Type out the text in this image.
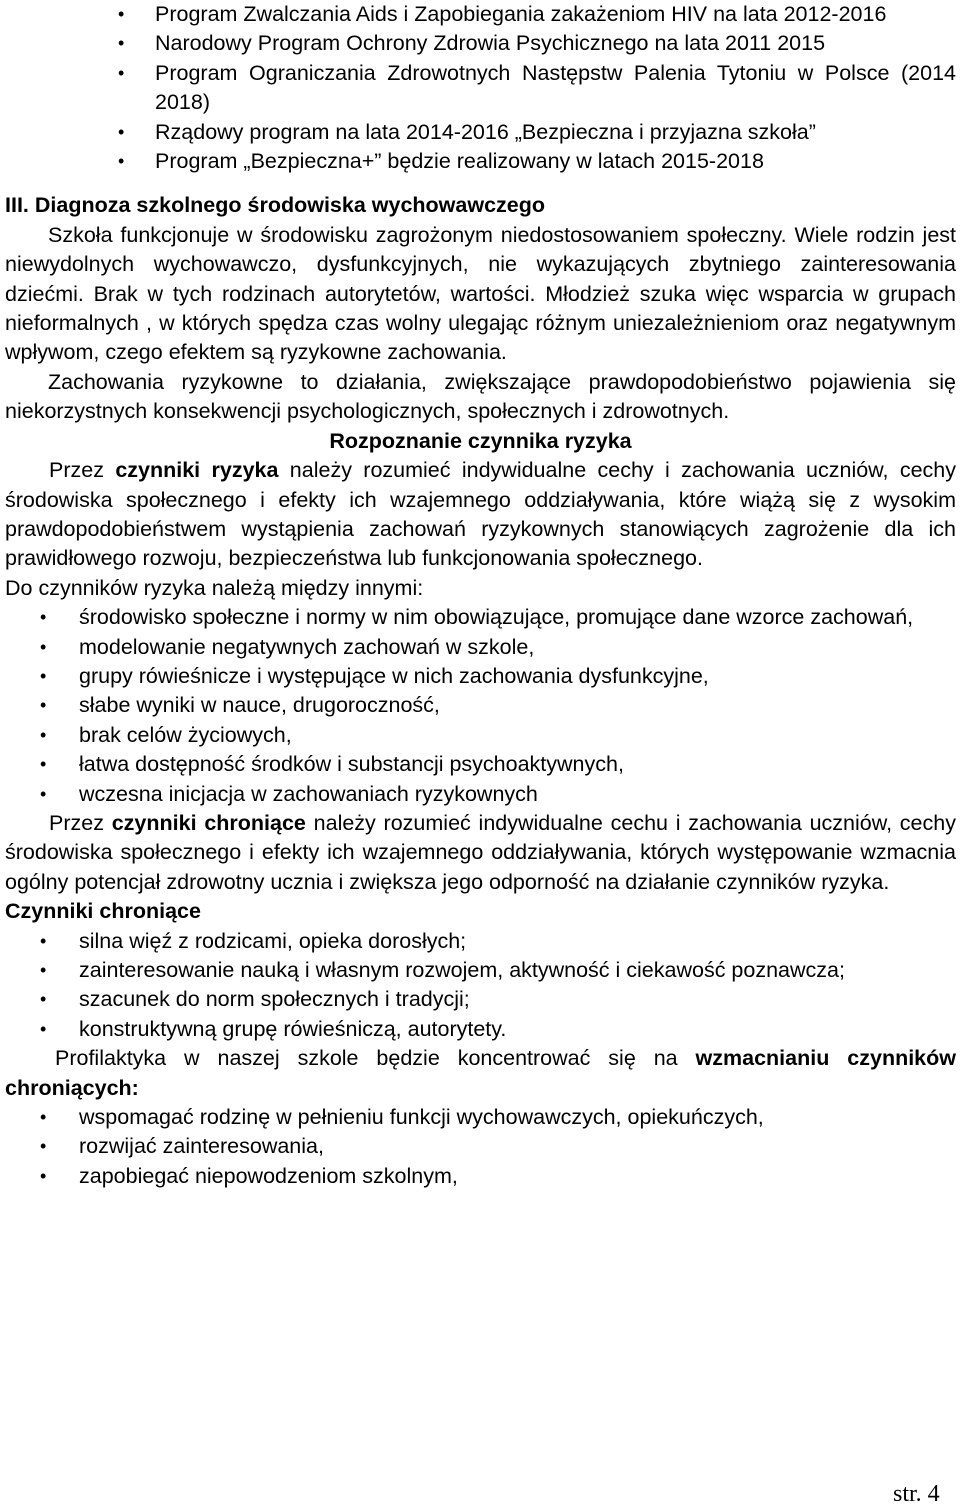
• Program Zwalczania Aids i Zapobiegania zakażeniom HIV na lata 2012-2016
• Narodowy Program Ochrony Zdrowia Psychicznego na lata 2011 2015
• Program Ograniczania Zdrowotnych Następstw Palenia Tytoniu w Polsce (2014 2018)
• Rządowy program na lata 2014-2016 „Bezpieczna i przyjazna szkoła”
• Program „Bezpieczna+” będzie realizowany w latach 2015-2018

III. Diagnoza szkolnego środowiska wychowawczego

Szkoła funkcjonuje w środowisku zagrożonym niedostosowaniem społeczny. Wiele rodzin jest niewydolnych wychowawczo, dysfunkcyjnych, nie wykazujących zbytniego zainteresowania dziećmi. Brak w tych rodzinach autorytetów, wartości. Młodzież szuka więc wsparcia w grupach nieformalnych , w których spędza czas wolny ulegając różnym uniezależnieniom oraz negatywnym wpływom, czego efektem są ryzykowne zachowania.

Zachowania ryzykowne to działania, zwiększające prawdopodobieństwo pojawienia się niekorzystnych konsekwencji psychologicznych, społecznych i zdrowotnych.

Rozpoznanie czynnika ryzyka

Przez czynniki ryzyka należy rozumieć indywidualne cechy i zachowania uczniów, cechy środowiska społecznego i efekty ich wzajemnego oddziaływania, które wiążą się z wysokim prawdopodobieństwem wystąpienia zachowań ryzykownych stanowiących zagrożenie dla ich prawidłowego rozwoju, bezpieczeństwa lub funkcjonowania społecznego.

Do czynników ryzyka należą między innymi:

• środowisko społeczne i normy w nim obowiązujące, promujące dane wzorce zachowań,
• modelowanie negatywnych zachowań w szkole,
• grupy rówieśnicze i występujące w nich zachowania dysfunkcyjne,
• słabe wyniki w nauce, drugoroczność,
• brak celów życiowych,
• łatwa dostępność środków i substancji psychoaktywnych,
• wczesna inicjacja w zachowaniach ryzykownych

Przez czynniki chroniące należy rozumieć indywidualne cechu i zachowania uczniów, cechy środowiska społecznego i efekty ich wzajemnego oddziaływania, których występowanie wzmacnia ogólny potencjał zdrowotny ucznia i zwiększa jego odporność na działanie czynników ryzyka.

Czynniki chroniące

• silna więź z rodzicami, opieka dorosłych;
• zainteresowanie nauką i własnym rozwojem, aktywność i ciekawość poznawcza;
• szacunek do norm społecznych i tradycji;
• konstruktywną grupę rówieśniczą, autorytety.

Profilaktyka w naszej szkole będzie koncentrować się na wzmacnianiu czynników chroniących:

• wspomagać rodzinę w pełnieniu funkcji wychowawczych, opiekuńczych,
• rozwijać zainteresowania,
• zapobiegać niepowodzeniom szkolnym,
str. 4
